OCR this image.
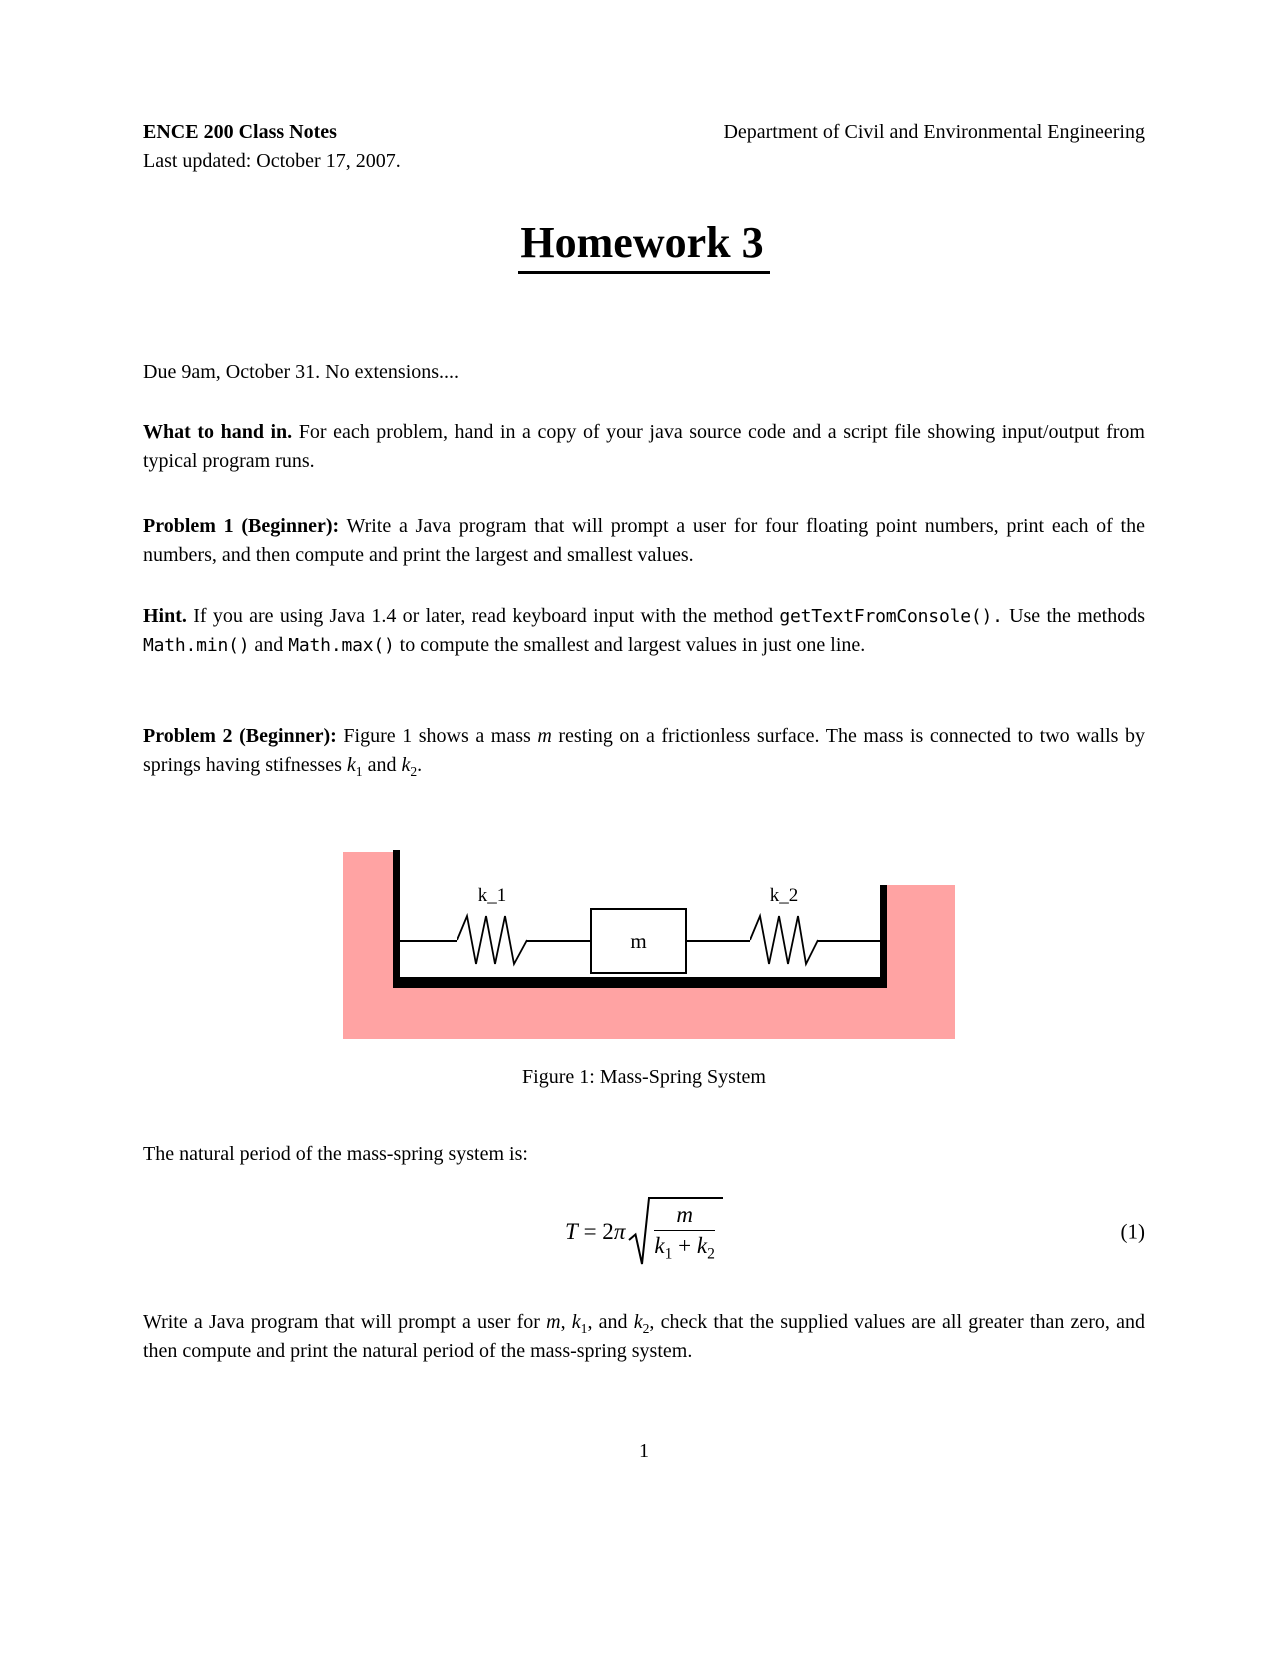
ENCE 200 Class Notes	Department of Civil and Environmental Engineering
Last updated: October 17, 2007.
Homework 3

Due 9am, October 31. No extensions....

What to hand in. For each problem, hand in a copy of your java source code and a script file showing input/output from typical program runs.

Problem 1 (Beginner): Write a Java program that will prompt a user for four floating point numbers, print each of the numbers, and then compute and print the largest and smallest values.

Hint. If you are using Java 1.4 or later, read keyboard input with the method getTextFromConsole(). Use the methods Math.min() and Math.max() to compute the smallest and largest values in just one line.

Problem 2 (Beginner): Figure 1 shows a mass m resting on a frictionless surface. The mass is connected to two walls by springs having stifnesses $k_1$ and $k_2$.

k_1	k_2
m
Figure 1: Mass-Spring System

The natural period of the mass-spring system is:

$T = 2\pi \frac{m}{k_1 + k_2}$	(1)

Write a Java program that will prompt a user for m, $k_1$, and $k_2$, check that the supplied values are all greater than zero, and then compute and print the natural period of the mass-spring system.

1
